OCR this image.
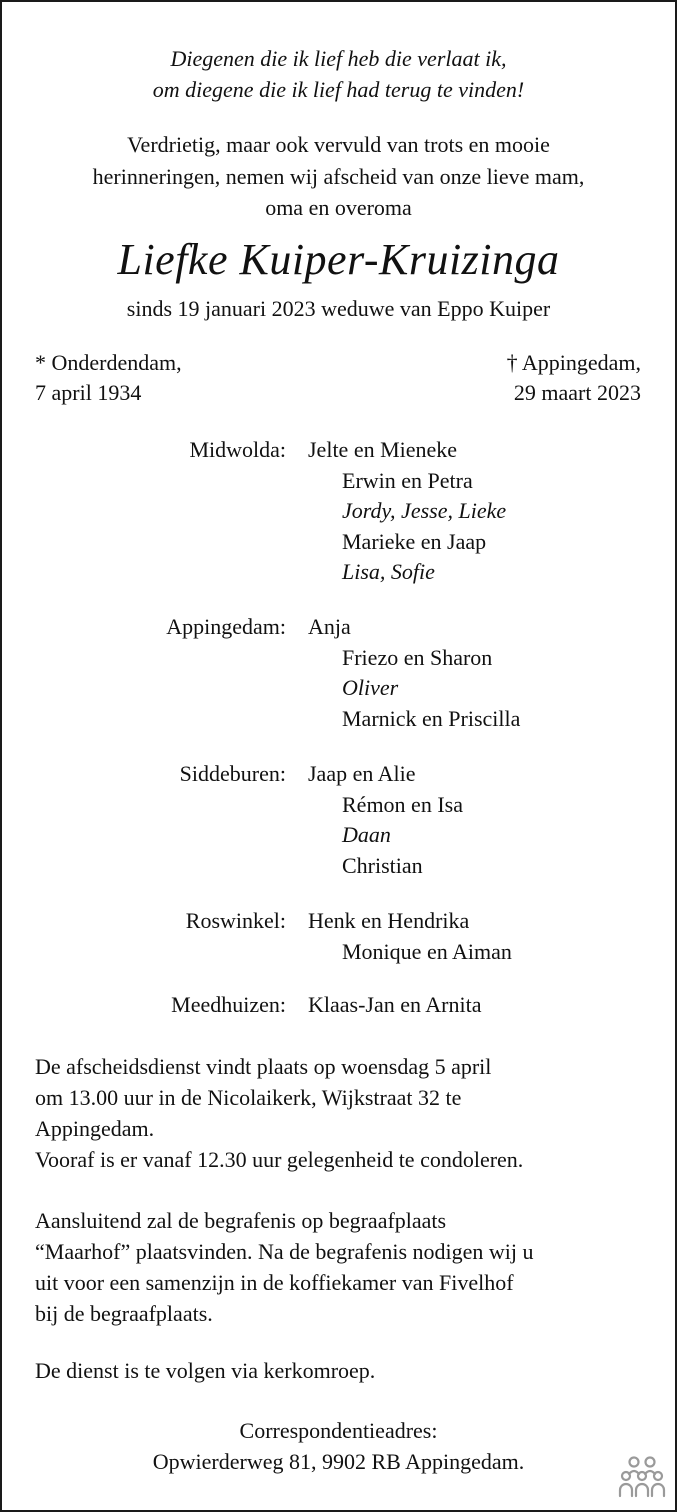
Diegenen die ik lief heb die verlaat ik,
om diegene die ik lief had terug te vinden!
Verdrietig, maar ook vervuld van trots en mooie
herinneringen, nemen wij afscheid van onze lieve mam,
oma en overoma
Liefke Kuiper-Kruizinga
sinds 19 januari 2023 weduwe van Eppo Kuiper
* Onderdendam,
7 april 1934
† Appingedam,
29 maart 2023
Midwolda: Jelte en Mieneke
Erwin en Petra
Jordy, Jesse, Lieke
Marieke en Jaap
Lisa, Sofie
Appingedam: Anja
Friezo en Sharon
Oliver
Marnick en Priscilla
Siddeburen: Jaap en Alie
Rémon en Isa
Daan
Christian
Roswinkel: Henk en Hendrika
Monique en Aiman
Meedhuizen: Klaas-Jan en Arnita
De afscheidsdienst vindt plaats op woensdag 5 april
om 13.00 uur in de Nicolaikerk, Wijkstraat 32 te
Appingedam.
Vooraf is er vanaf 12.30 uur gelegenheid te condoleren.
Aansluitend zal de begrafenis op begraafplaats
“Maarhof” plaatsvinden. Na de begrafenis nodigen wij u
uit voor een samenzijn in de koffiekamer van Fivelhof
bij de begraafplaats.
De dienst is te volgen via kerkomroep.
Correspondentieadres:
Opwierderweg 81, 9902 RB Appingedam.
